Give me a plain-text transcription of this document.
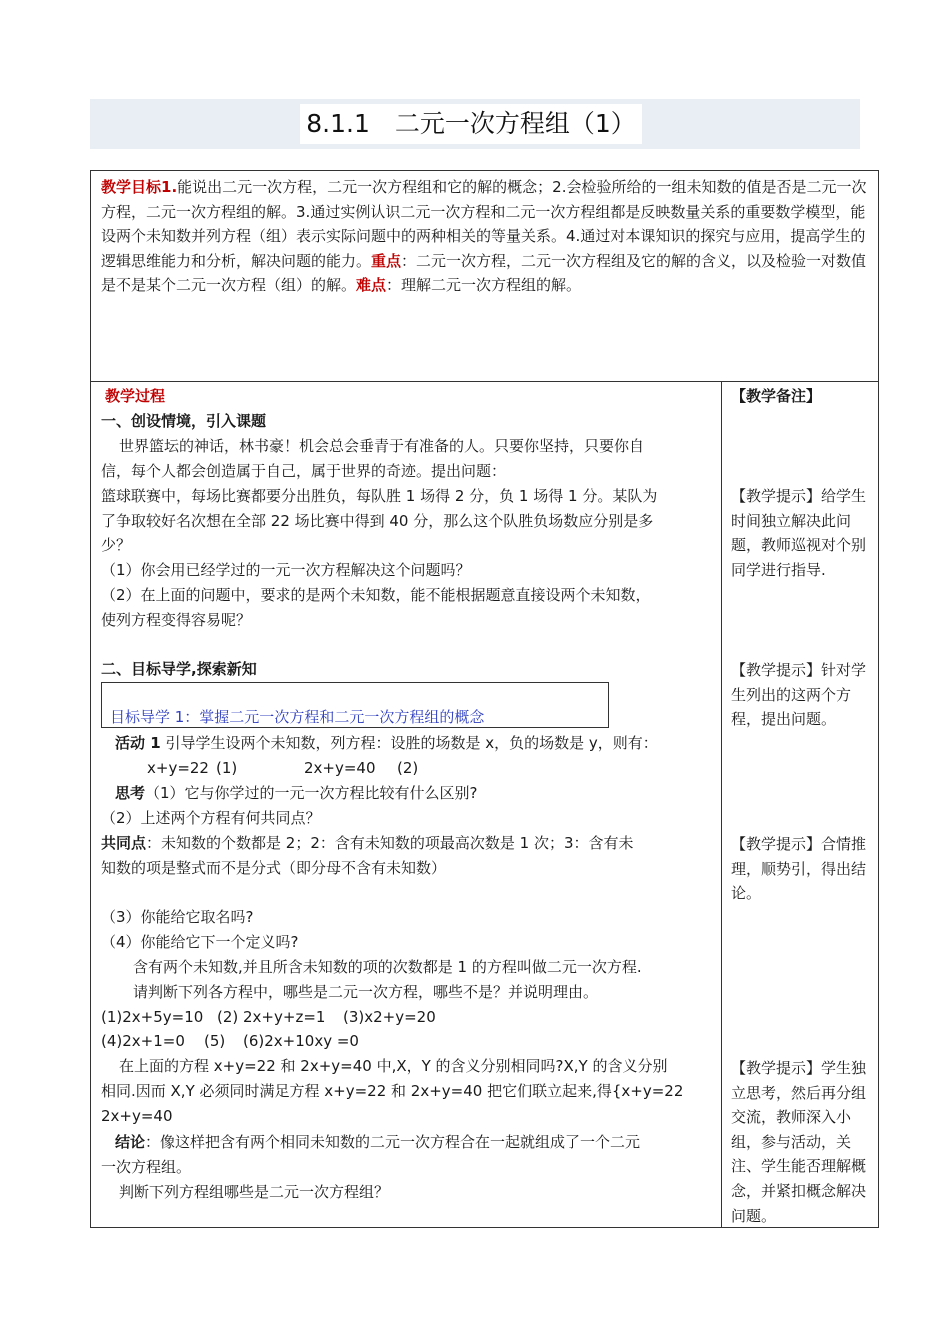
8.1.1　二元一次方程组（1）
教学目标1.能说出二元一次方程，二元一次方程组和它的解的概念；2.会检验所给的一组未知数的值是否是二元一次方程，二元一次方程组的解。3.通过实例认识二元一次方程和二元一次方程组都是反映数量关系的重要数学模型，能设两个未知数并列方程（组）表示实际问题中的两种相关的等量关系。4.通过对本课知识的探究与应用，提高学生的逻辑思维能力和分析，解决问题的能力。重点：二元一次方程，二元一次方程组及它的解的含义，以及检验一对数值是不是某个二元一次方程（组）的解。难点：理解二元一次方程组的解。
教学过程
一、创设情境，引入课题
世界篮坛的神话，林书豪！机会总会垂青于有准备的人。只要你坚持，只要你自
信，每个人都会创造属于自己，属于世界的奇迹。提出问题：
篮球联赛中，每场比赛都要分出胜负，每队胜 1 场得 2 分，负 1 场得 1 分。某队为
了争取较好名次想在全部 22 场比赛中得到 40 分，那么这个队胜负场数应分别是多
少？
（1）你会用已经学过的一元一次方程解决这个问题吗？
（2）在上面的问题中，要求的是两个未知数，能不能根据题意直接设两个未知数，
使列方程变得容易呢？
二、目标导学,探索新知
目标导学 1：掌握二元一次方程和二元一次方程组的概念
活动 1 引导学生设两个未知数，列方程：设胜的场数是 x，负的场数是 y，则有：
x+y=22 (1)	2x+y=40 (2)
思考（1）它与你学过的一元一次方程比较有什么区别?
（2）上述两个方程有何共同点？
共同点：未知数的个数都是 2；2：含有未知数的项最高次数是 1 次；3：含有未
知数的项是整式而不是分式（即分母不含有未知数）
（3）你能给它取名吗?
（4）你能给它下一个定义吗?
含有两个未知数,并且所含未知数的项的次数都是 1 的方程叫做二元一次方程.
请判断下列各方程中，哪些是二元一次方程，哪些不是？并说明理由。
(1)2x+5y=10 (2) 2x+y+z=1 (3)x2+y=20
(4)2x+1=0 (5) (6)2x+10xy =0
在上面的方程 x+y=22 和 2x+y=40 中,X，Y 的含义分别相同吗?X,Y 的含义分别
相同.因而 X,Y 必须同时满足方程 x+y=22 和 2x+y=40 把它们联立起来,得{x+y=22
2x+y=40
结论：像这样把含有两个相同未知数的二元一次方程合在一起就组成了一个二元
一次方程组。
判断下列方程组哪些是二元一次方程组？
【教学备注】
【教学提示】给学生时间独立解决此问题，教师巡视对个别同学进行指导.
【教学提示】针对学生列出的这两个方程，提出问题。
【教学提示】合情推理，顺势引，得出结论。
【教学提示】学生独立思考，然后再分组交流，教师深入小组，参与活动，关注、学生能否理解概念，并紧扣概念解决问题。
